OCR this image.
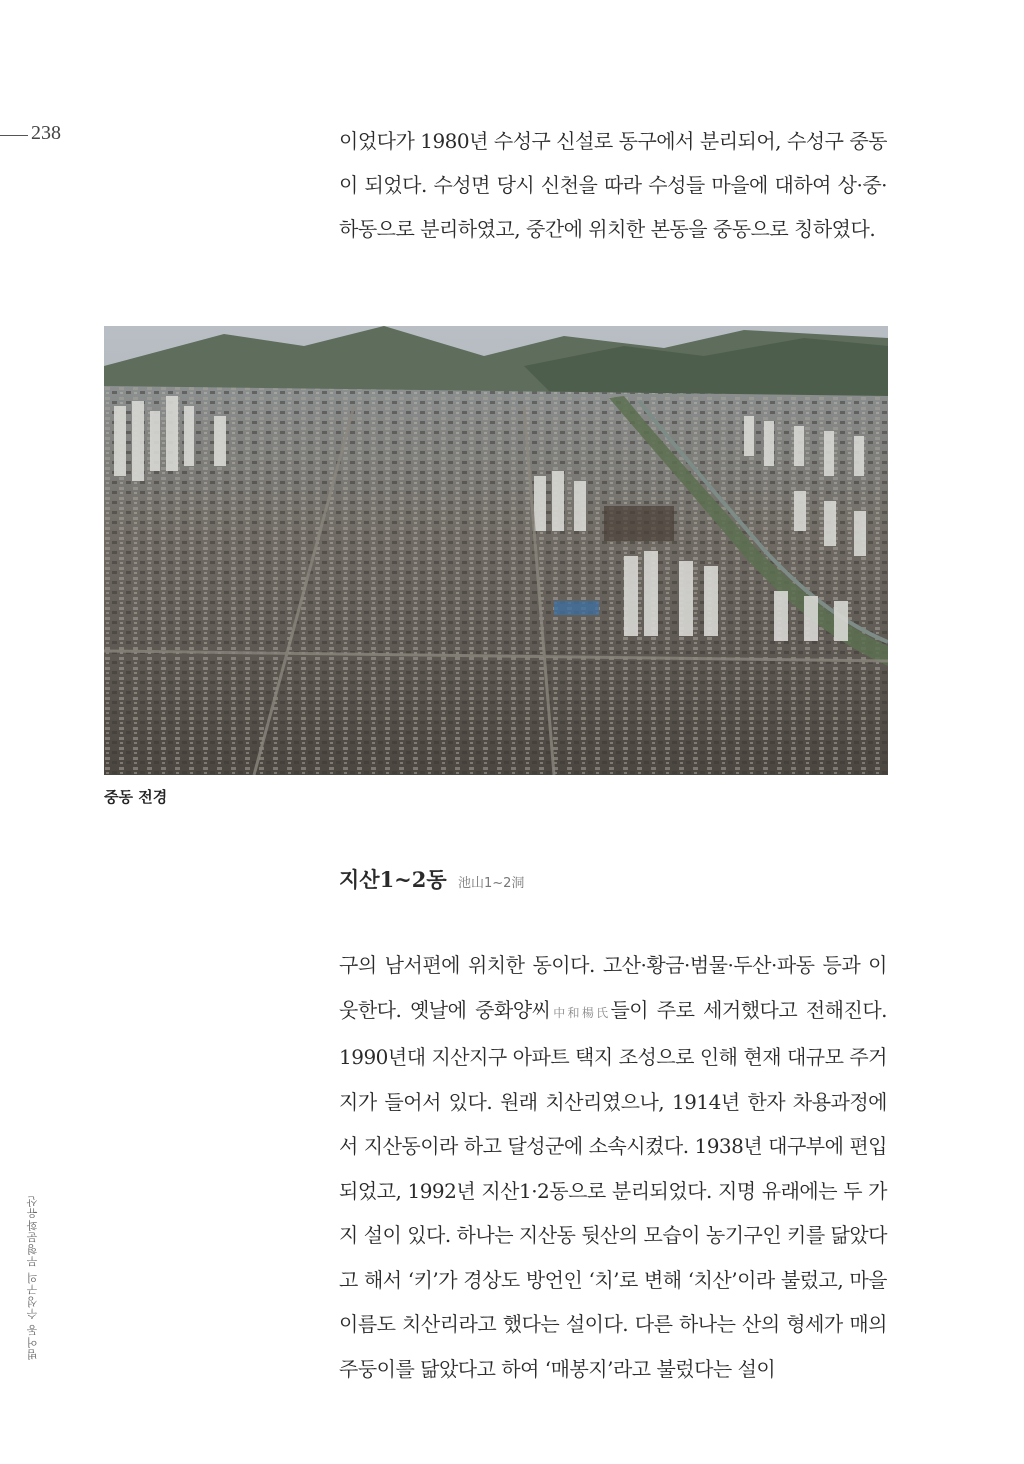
238	이었다가 1980년 수성구 신설로 동구에서 분리되어, 수성구 중동이 되었다. 수성면 당시 신천을 따라 수성들 마을에 대하여 상·중·하동으로 분리하였고, 중간에 위치한 본동을 중동으로 칭하였다.

중동 전경
지산1~2동 池山1~2洞

구의 남서편에 위치한 동이다. 고산·황금·범물·두산·파동 등과 이웃한다. 옛날에 중화양씨中和楊氏들이 주로 세거했다고 전해진다. 1990년대 지산지구 아파트 택지 조성으로 인해 현재 대규모 주거지가 들어서 있다. 원래 치산리였으나, 1914년 한자 차용과정에서 지산동이라 하고 달성군에 소속시켰다. 1938년 대구부에 편입되었고, 1992년 지산1·2동으로 분리되었다. 지명 유래에는 두 가지 설이 있다. 하나는 지산동 뒷산의 모습이 농기구인 키를 닮았다고 해서 ‘키’가 경상도 방언인 ‘치’로 변해 ‘치산’이라 불렀고, 마을 이름도 치산리라고 했다는 설이다. 다른 하나는 산의 형세가 매의 주둥이를 닮았다고 하여 ‘매봉지’라고 불렀다는 설이

범어동 수성구의 무형문화유산
